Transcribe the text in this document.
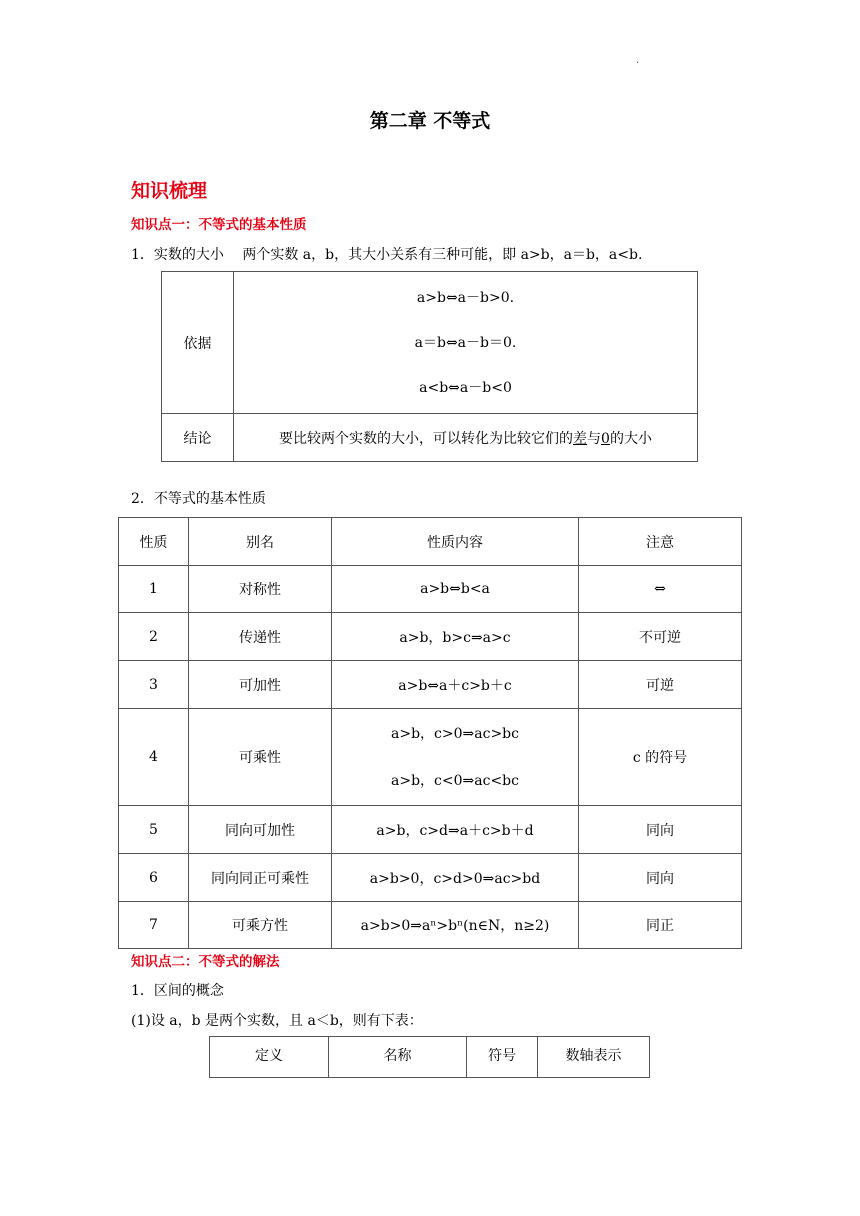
·
第二章 不等式
知识梳理
知识点一：不等式的基本性质
1．实数的大小　 两个实数 a，b，其大小关系有三种可能，即 a>b，a＝b，a<b.
依据	a>b⇔a－b>0.
a＝b⇔a－b＝0.
a<b⇔a－b<0

结论	要比较两个实数的大小，可以转化为比较它们的差与0的大小
2．不等式的基本性质
性质	别名	性质内容	注意
1	对称性	a>b⇔b<a	⇔
2	传递性	a>b，b>c⇒a>c	不可逆
3	可加性	a>b⇔a＋c>b＋c	可逆
4	可乘性	a>b，c>0⇒ac>bc
a>b，c<0⇒ac<bc	c 的符号
5	同向可加性	a>b，c>d⇒a＋c>b＋d	同向
6	同向同正可乘性	a>b>0，c>d>0⇒ac>bd	同向
7	可乘方性	a>b>0⇒aⁿ>bⁿ(n∈N，n≥2)	同正
知识点二：不等式的解法
1．区间的概念
(1)设 a，b 是两个实数，且 a＜b，则有下表：
定义	名称	符号	数轴表示
